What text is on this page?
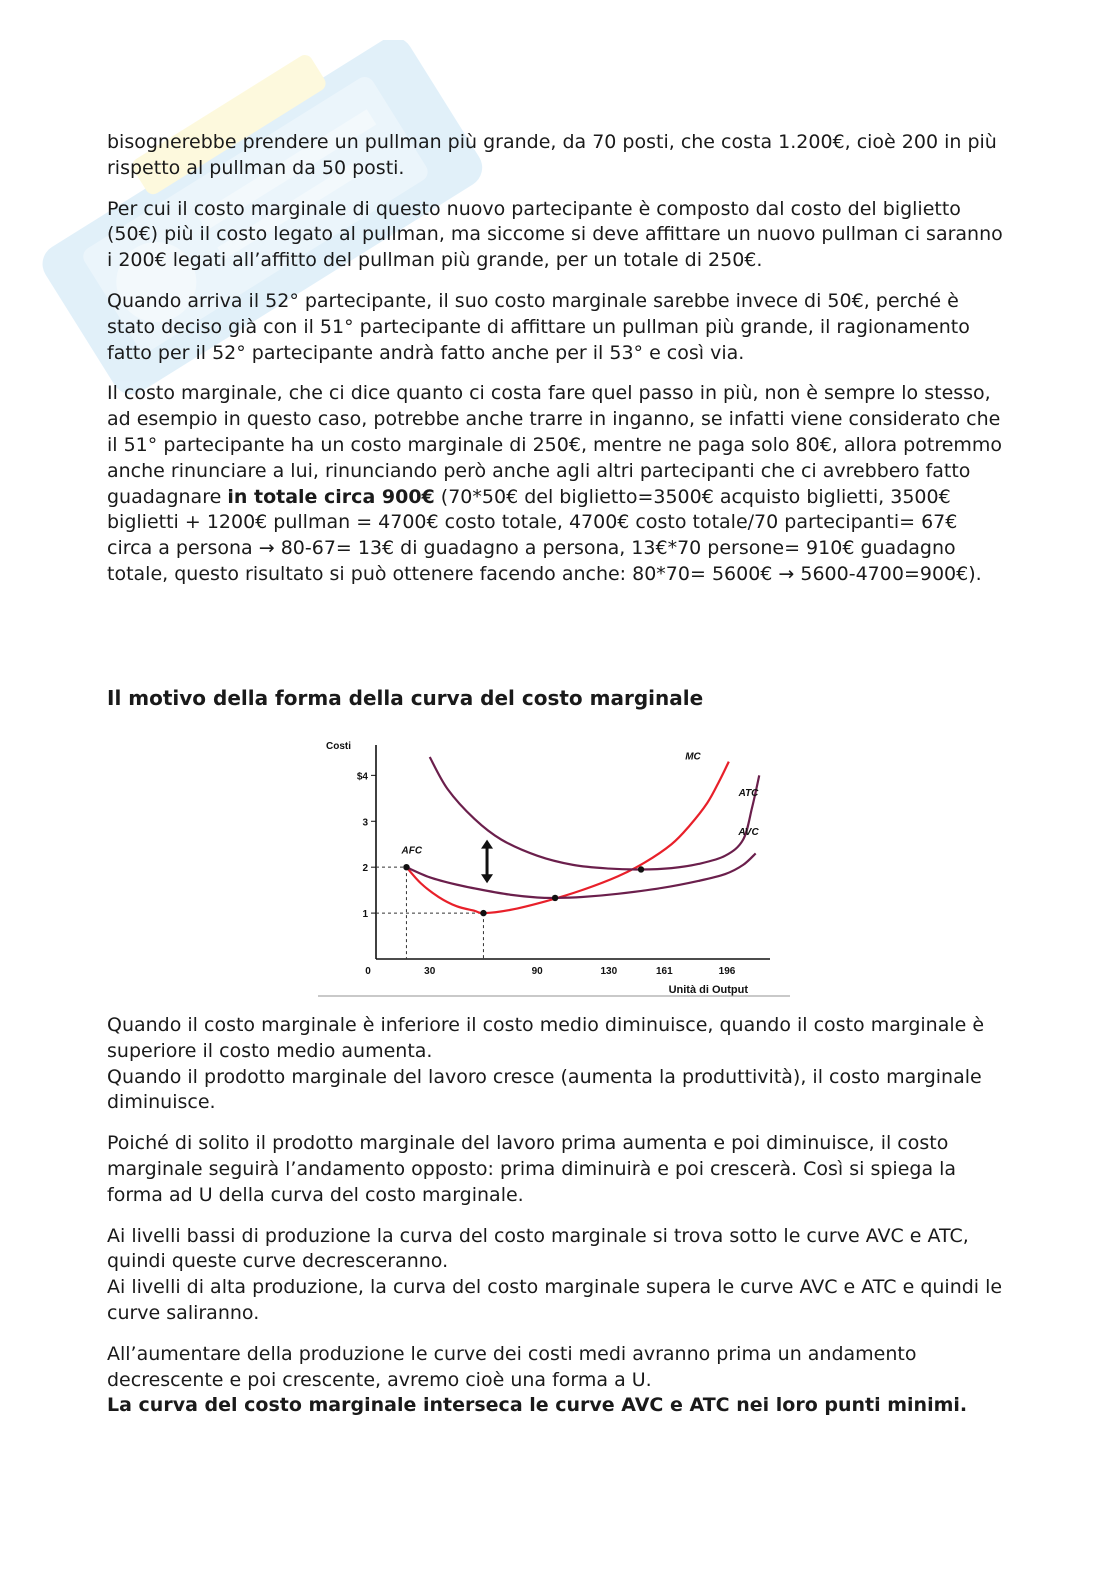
bisognerebbe prendere un pullman più grande, da 70 posti, che costa 1.200€, cioè 200 in più rispetto al pullman da 50 posti.

Per cui il costo marginale di questo nuovo partecipante è composto dal costo del biglietto (50€) più il costo legato al pullman, ma siccome si deve affittare un nuovo pullman ci saranno i 200€ legati all’affitto del pullman più grande, per un totale di 250€.

Quando arriva il 52° partecipante, il suo costo marginale sarebbe invece di 50€, perché è stato deciso già con il 51° partecipante di affittare un pullman più grande, il ragionamento fatto per il 52° partecipante andrà fatto anche per il 53° e così via.

Il costo marginale, che ci dice quanto ci costa fare quel passo in più, non è sempre lo stesso, ad esempio in questo caso, potrebbe anche trarre in inganno, se infatti viene considerato che il 51° partecipante ha un costo marginale di 250€, mentre ne paga solo 80€, allora potremmo anche rinunciare a lui, rinunciando però anche agli altri partecipanti che ci avrebbero fatto guadagnare in totale circa 900€ (70*50€ del biglietto=3500€ acquisto biglietti, 3500€ biglietti + 1200€ pullman = 4700€ costo totale, 4700€ costo totale/70 partecipanti= 67€ circa a persona → 80-67= 13€ di guadagno a persona, 13€*70 persone= 910€ guadagno totale, questo risultato si può ottenere facendo anche: 80*70= 5600€ → 5600-4700=900€).

Il motivo della forma della curva del costo marginale
1
2
3
$4
30	90	130	161	196
0
Costi
Unità di Output
MC
ATC
AVC
AFC

Quando il costo marginale è inferiore il costo medio diminuisce, quando il costo marginale è superiore il costo medio aumenta.

Quando il prodotto marginale del lavoro cresce (aumenta la produttività), il costo marginale diminuisce.

Poiché di solito il prodotto marginale del lavoro prima aumenta e poi diminuisce, il costo marginale seguirà l’andamento opposto: prima diminuirà e poi crescerà. Così si spiega la forma ad U della curva del costo marginale.

Ai livelli bassi di produzione la curva del costo marginale si trova sotto le curve AVC e ATC, quindi queste curve decresceranno.

Ai livelli di alta produzione, la curva del costo marginale supera le curve AVC e ATC e quindi le curve saliranno.

All’aumentare della produzione le curve dei costi medi avranno prima un andamento decrescente e poi crescente, avremo cioè una forma a U.

La curva del costo marginale interseca le curve AVC e ATC nei loro punti minimi.
